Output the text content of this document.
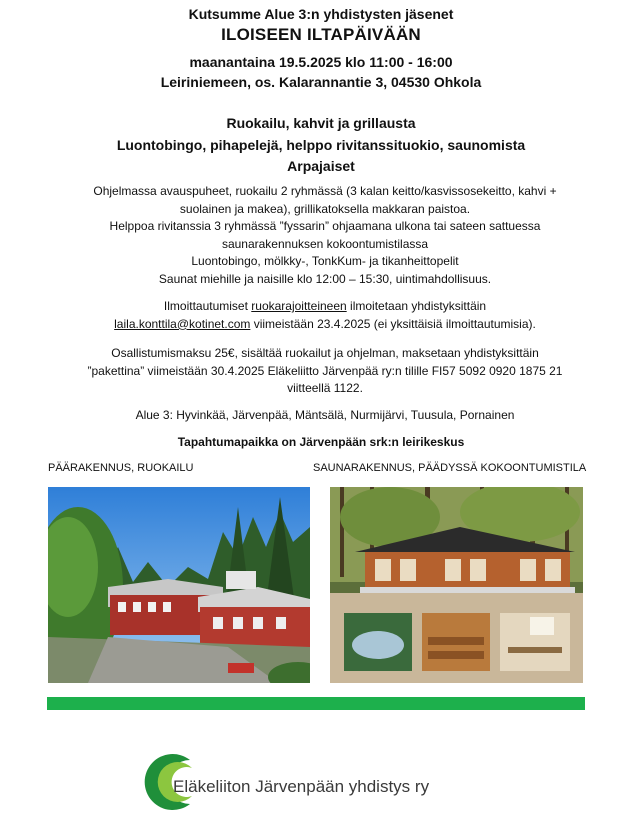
Kutsumme Alue 3:n yhdistysten jäsenet
ILOISEEN ILTAPÄIVÄÄN
maanantaina 19.5.2025 klo 11:00 - 16:00
Leiriniemeen, os. Kalarannantie 3, 04530 Ohkola
Ruokailu, kahvit ja grillausta
Luontobingo, pihapelejä, helppo rivitanssituokio, saunomista
Arpajaiset
Ohjelmassa avauspuheet, ruokailu 2 ryhmässä (3 kalan keitto/kasvissosekeitto, kahvi +
suolainen ja makea), grillikatoksella makkaran paistoa.
Helppoa rivitanssia 3 ryhmässä ”fyssarin” ohjaamana ulkona tai sateen sattuessa
saunarakennuksen kokoontumistilassa
Luontobingo, mölkky-, TonkKum- ja tikanheittopelit
Saunat miehille ja naisille klo 12:00 – 15:30, uintimahdollisuus.
Ilmoittautumiset ruokarajoitteineen ilmoitetaan yhdistyksittäin
laila.konttila@kotinet.com viimeistään 23.4.2025 (ei yksittäisiä ilmoittautumisia).
Osallistumismaksu 25€, sisältää ruokailut ja ohjelman, maksetaan yhdistyksittäin
”pakettina” viimeistään 30.4.2025 Eläkeliitto Järvenpää ry:n tilille FI57 5092 0920 1875 21
viitteellä 1122.
Alue 3: Hyvinkää, Järvenpää, Mäntsälä, Nurmijärvi, Tuusula, Pornainen
Tapahtumapaikka on Järvenpään srk:n leirikeskus
PÄÄRAKENNUS, RUOKAILU	SAUNARAKENNUS, PÄÄDYSSÄ KOKOONTUMISTILA
Eläkeliiton Järvenpään yhdistys ry
